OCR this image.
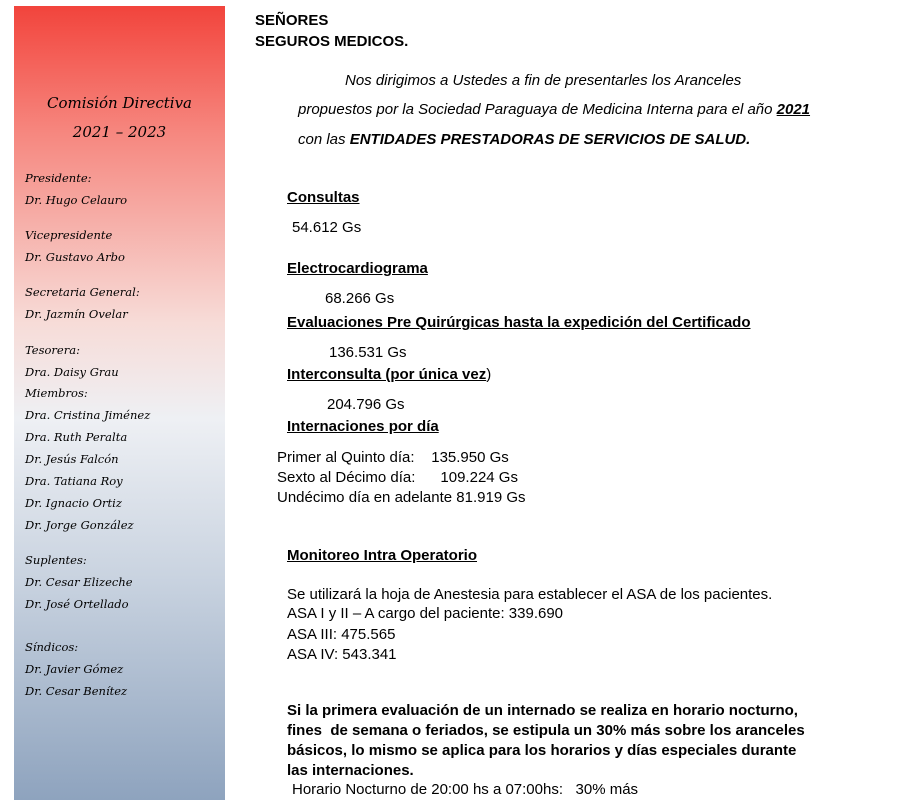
Comisión Directiva
2021 – 2023
Presidente:
Dr. Hugo Celauro
Vicepresidente
Dr. Gustavo Arbo
Secretaria General:
Dr. Jazmín Ovelar
Tesorera:
Dra. Daisy Grau
Miembros:
Dra. Cristina Jiménez
Dra. Ruth Peralta
Dr. Jesús Falcón
Dra. Tatiana Roy
Dr. Ignacio Ortiz
Dr. Jorge González
Suplentes:
Dr. Cesar Elizeche
Dr. José Ortellado
Síndicos:
Dr. Javier Gómez
Dr. Cesar Benítez
SEÑORES
SEGUROS MEDICOS.
Nos dirigimos a Ustedes a fin de presentarles los Aranceles
propuestos por la Sociedad Paraguaya de Medicina Interna para el año 2021
con las ENTIDADES PRESTADORAS DE SERVICIOS DE SALUD.
Consultas
54.612 Gs
Electrocardiograma
68.266 Gs
Evaluaciones Pre Quirúrgicas hasta la expedición del Certificado
136.531 Gs
Interconsulta (por única vez)
204.796 Gs
Internaciones por día
Primer al Quinto día:    135.950 Gs
Sexto al Décimo día:      109.224 Gs
Undécimo día en adelante 81.919 Gs
Monitoreo Intra Operatorio
Se utilizará la hoja de Anestesia para establecer el ASA de los pacientes.
ASA I y II – A cargo del paciente: 339.690
ASA III: 475.565
ASA IV: 543.341
Si la primera evaluación de un internado se realiza en horario nocturno,
fines  de semana o feriados, se estipula un 30% más sobre los aranceles
básicos, lo mismo se aplica para los horarios y días especiales durante
las internaciones.
Horario Nocturno de 20:00 hs a 07:00hs:   30% más
